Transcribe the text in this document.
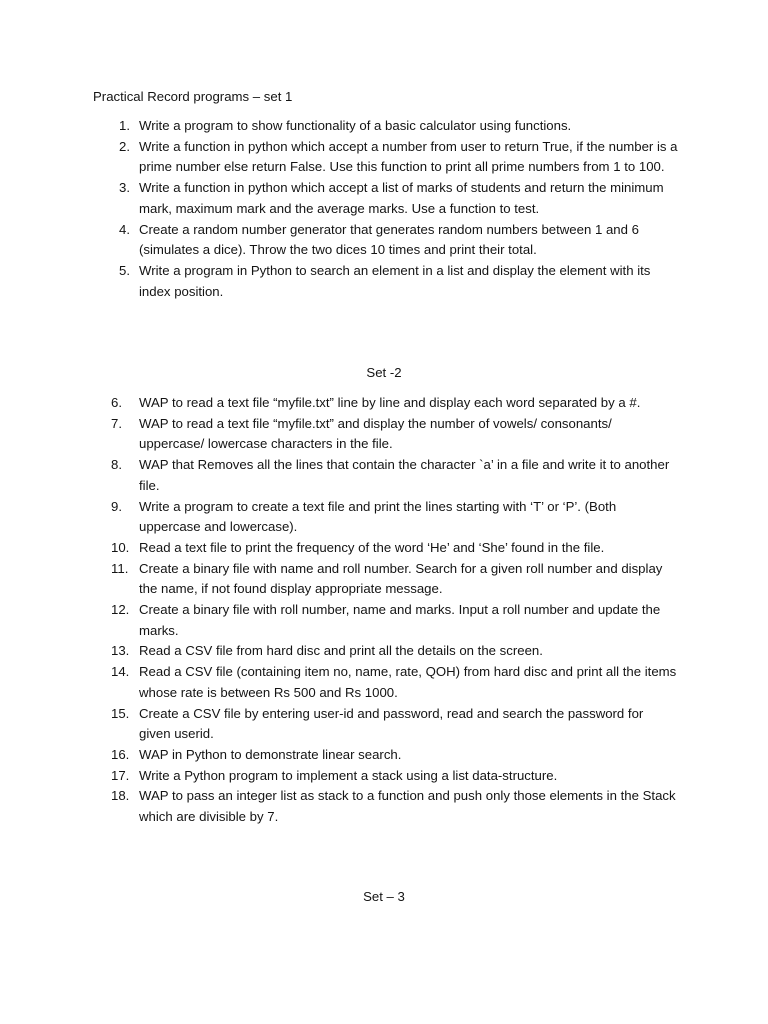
Practical Record programs – set 1
1. Write a program to show functionality of a basic calculator using functions.
2. Write a function in python which accept a number from user to return True, if the number is a prime number else return False. Use this function to print all prime numbers from 1 to 100.
3. Write a function in python which accept a list of marks of students and return the minimum mark, maximum mark and the average marks. Use a function to test.
4. Create a random number generator that generates random numbers between 1 and 6 (simulates a dice). Throw the two dices 10 times and print their total.
5. Write a program in Python to search an element in a list and display the element with its index position.
Set -2
6. WAP to read a text file “myfile.txt” line by line and display each word separated by a #.
7. WAP to read a text file “myfile.txt” and display the number of vowels/ consonants/ uppercase/ lowercase characters in the file.
8. WAP that Removes all the lines that contain the character `a’ in a file and write it to another file.
9. Write a program to create a text file and print the lines starting with ‘T’ or ‘P’. (Both uppercase and lowercase).
10. Read a text file to print the frequency of the word ‘He’ and ‘She’ found in the file.
11. Create a binary file with name and roll number. Search for a given roll number and display the name, if not found display appropriate message.
12. Create a binary file with roll number, name and marks. Input a roll number and update the marks.
13. Read a CSV file from hard disc and print all the details on the screen.
14. Read a CSV file (containing item no, name, rate, QOH) from hard disc and print all the items whose rate is between Rs 500 and Rs 1000.
15. Create a CSV file by entering user-id and password, read and search the password for given userid.
16. WAP in Python to demonstrate linear search.
17. Write a Python program to implement a stack using a list data-structure.
18. WAP to pass an integer list as stack to a function and push only those elements in the Stack which are divisible by 7.
Set – 3
